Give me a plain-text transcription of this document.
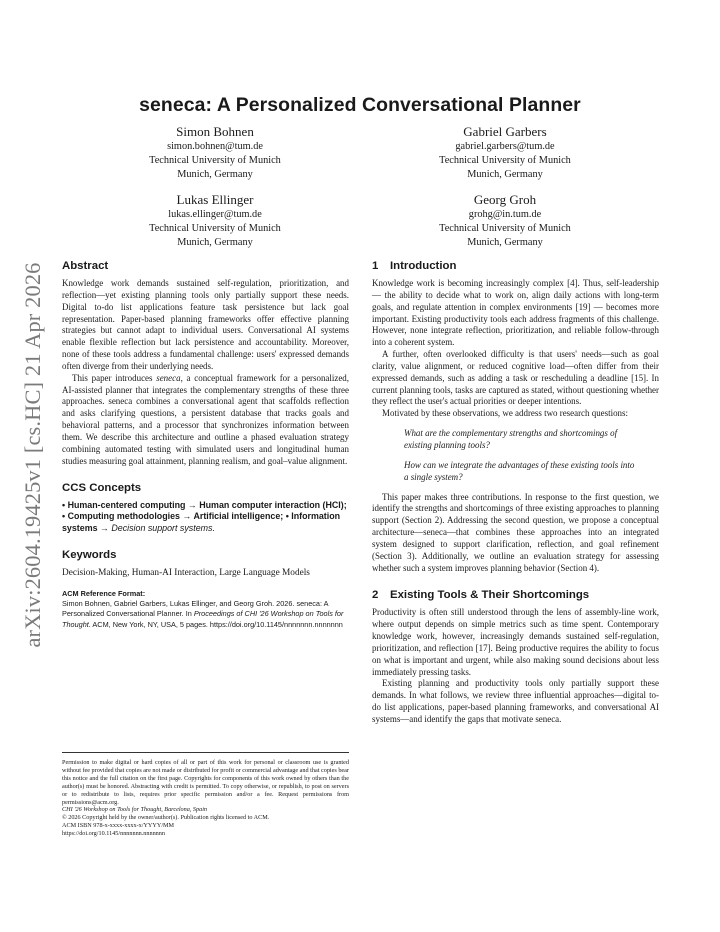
arXiv:2604.19425v1 [cs.HC] 21 Apr 2026
seneca: A Personalized Conversational Planner
Simon Bohnen
simon.bohnen@tum.de
Technical University of Munich
Munich, Germany
Gabriel Garbers
gabriel.garbers@tum.de
Technical University of Munich
Munich, Germany
Lukas Ellinger
lukas.ellinger@tum.de
Technical University of Munich
Munich, Germany
Georg Groh
grohg@in.tum.de
Technical University of Munich
Munich, Germany
Abstract

Knowledge work demands sustained self-regulation, prioritization, and reflection—yet existing planning tools only partially support these needs. Digital to-do list applications feature task persistence but lack goal representation. Paper-based planning frameworks offer effective planning strategies but cannot adapt to individual users. Conversational AI systems enable flexible reflection but lack persistence and accountability. Moreover, none of these tools address a fundamental challenge: users' expressed demands often diverge from their underlying needs.

This paper introduces seneca, a conceptual framework for a personalized, AI-assisted planner that integrates the complementary strengths of these three approaches. seneca combines a conversational agent that scaffolds reflection and asks clarifying questions, a persistent database that tracks goals and behavioral patterns, and a processor that synchronizes information between them. We describe this architecture and outline a phased evaluation strategy combining automated testing with simulated users and longitudinal human studies measuring goal attainment, planning realism, and goal–value alignment.

CCS Concepts
• Human-centered computing → Human computer interaction (HCI); • Computing methodologies → Artificial intelligence; • Information systems → Decision support systems.
Keywords
Decision-Making, Human-AI Interaction, Large Language Models
ACM Reference Format:
Simon Bohnen, Gabriel Garbers, Lukas Ellinger, and Georg Groh. 2026. seneca: A Personalized Conversational Planner. In Proceedings of CHI '26 Workshop on Tools for Thought. ACM, New York, NY, USA, 5 pages. https://doi.org/10.1145/nnnnnnn.nnnnnnn
Permission to make digital or hard copies of all or part of this work for personal or classroom use is granted without fee provided that copies are not made or distributed for profit or commercial advantage and that copies bear this notice and the full citation on the first page. Copyrights for components of this work owned by others than the author(s) must be honored. Abstracting with credit is permitted. To copy otherwise, or republish, to post on servers or to redistribute to lists, requires prior specific permission and/or a fee. Request permissions from permissions@acm.org.
CHI '26 Workshop on Tools for Thought, Barcelona, Spain
© 2026 Copyright held by the owner/author(s). Publication rights licensed to ACM.
ACM ISBN 978-x-xxxx-xxxx-x/YYYY/MM
https://doi.org/10.1145/nnnnnnn.nnnnnnn
1 Introduction

Knowledge work is becoming increasingly complex [4]. Thus, self-leadership — the ability to decide what to work on, align daily actions with long-term goals, and regulate attention in complex environments [19] — becomes more important. Existing productivity tools each address fragments of this challenge. However, none integrate reflection, prioritization, and reliable follow-through into a coherent system.

A further, often overlooked difficulty is that users' needs—such as goal clarity, value alignment, or reduced cognitive load—often differ from their expressed demands, such as adding a task or rescheduling a deadline [15]. In current planning tools, tasks are captured as stated, without questioning whether they reflect the user's actual priorities or deeper intentions.

Motivated by these observations, we address two research questions:

What are the complementary strengths and shortcomings of existing planning tools?
How can we integrate the advantages of these existing tools into a single system?

This paper makes three contributions. In response to the first question, we identify the strengths and shortcomings of three existing approaches to planning support (Section 2). Addressing the second question, we propose a conceptual architecture—seneca—that combines these approaches into an integrated system designed to support clarification, reflection, and goal refinement (Section 3). Additionally, we outline an evaluation strategy for assessing whether such a system improves planning behavior (Section 4).

2 Existing Tools & Their Shortcomings

Productivity is often still understood through the lens of assembly-line work, where output depends on simple metrics such as time spent. Contemporary knowledge work, however, increasingly demands sustained self-regulation, prioritization, and reflection [17]. Being productive requires the ability to focus on what is important and urgent, while also making sound decisions about less immediately pressing tasks.

Existing planning and productivity tools only partially support these demands. In what follows, we review three influential approaches—digital to-do list applications, paper-based planning frameworks, and conversational AI systems—and identify the gaps that motivate seneca.
